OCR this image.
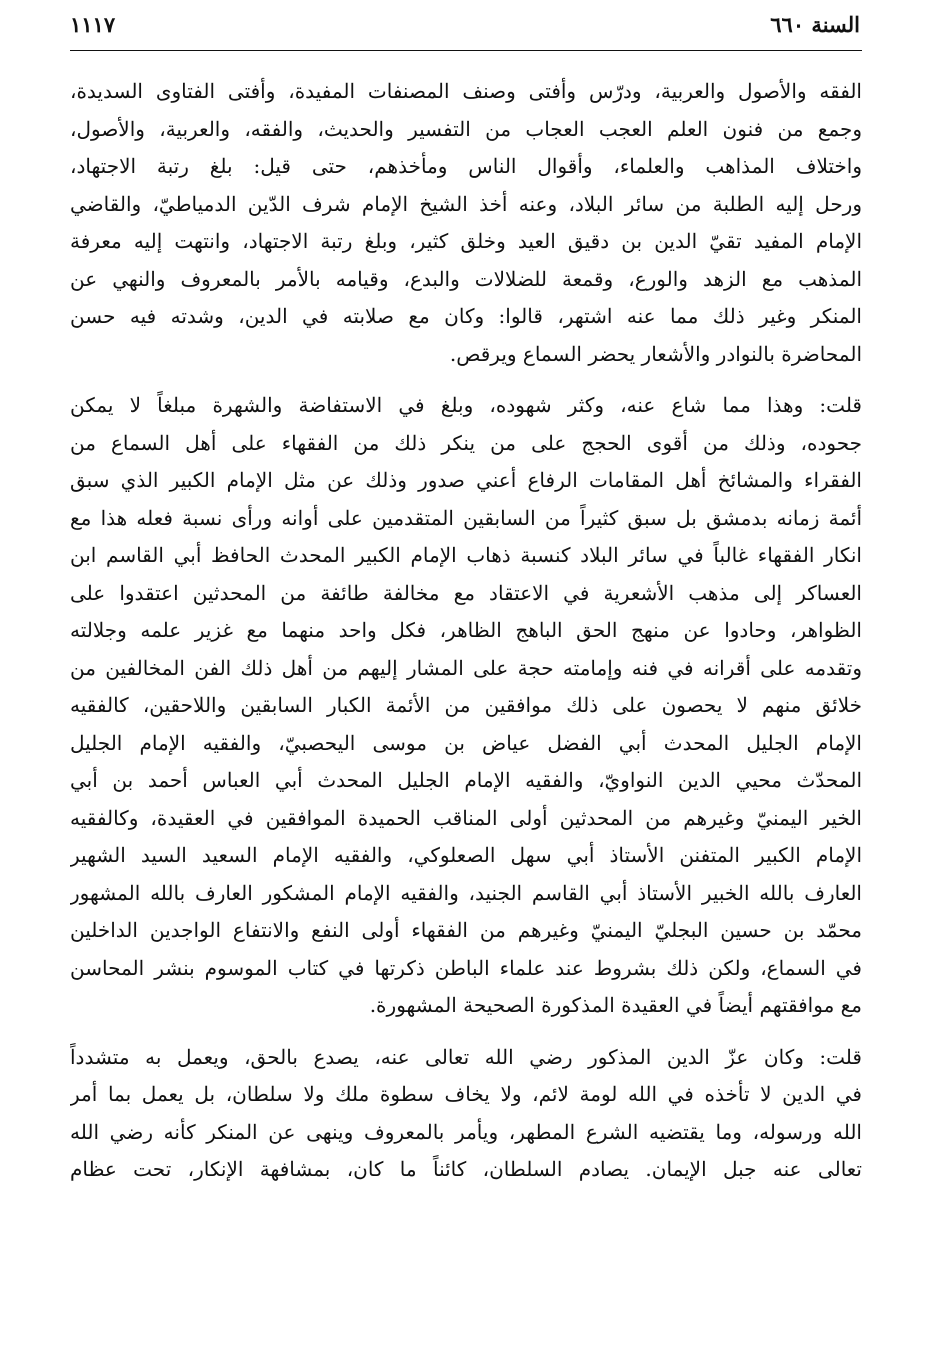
السنة ٦٦٠
١١١٧
الفقه والأصول والعربية، ودرّس وأفتى وصنف المصنفات المفيدة، وأفتى الفتاوى السديدة،
وجمع من فنون العلم العجب العجاب من التفسير والحديث، والفقه، والعربية، والأصول،
واختلاف المذاهب والعلماء، وأقوال الناس ومأخذهم، حتى قيل: بلغ رتبة الاجتهاد،
ورحل إليه الطلبة من سائر البلاد، وعنه أخذ الشيخ الإمام شرف الدّين الدمياطيّ، والقاضي
الإمام المفيد تقيّ الدين بن دقيق العيد وخلق كثير، وبلغ رتبة الاجتهاد، وانتهت إليه معرفة
المذهب مع الزهد والورع، وقمعة للضلالات والبدع، وقيامه بالأمر بالمعروف والنهي عن
المنكر وغير ذلك مما عنه اشتهر، قالوا: وكان مع صلابته في الدين، وشدته فيه حسن
المحاضرة بالنوادر والأشعار يحضر السماع ويرقص.
قلت: وهذا مما شاع عنه، وكثر شهوده، وبلغ في الاستفاضة والشهرة مبلغاً لا يمكن
جحوده، وذلك من أقوى الحجج على من ينكر ذلك من الفقهاء على أهل السماع من
الفقراء والمشائخ أهل المقامات الرفاع أعني صدور وذلك عن مثل الإمام الكبير الذي سبق
أئمة زمانه بدمشق بل سبق كثيراً من السابقين المتقدمين على أوانه ورأى نسبة فعله هذا مع
انكار الفقهاء غالباً في سائر البلاد كنسبة ذهاب الإمام الكبير المحدث الحافظ أبي القاسم ابن
العساكر إلى مذهب الأشعرية في الاعتقاد مع مخالفة طائفة من المحدثين اعتقدوا على
الظواهر، وحادوا عن منهج الحق الباهج الظاهر، فكل واحد منهما مع غزير علمه وجلالته
وتقدمه على أقرانه في فنه وإمامته حجة على المشار إليهم من أهل ذلك الفن المخالفين من
خلائق منهم لا يحصون على ذلك موافقين من الأئمة الكبار السابقين واللاحقين، كالفقيه
الإمام الجليل المحدث أبي الفضل عياض بن موسى اليحصبيّ، والفقيه الإمام الجليل
المحدّث محيي الدين النواويّ، والفقيه الإمام الجليل المحدث أبي العباس أحمد بن أبي
الخير اليمنيّ وغيرهم من المحدثين أولى المناقب الحميدة الموافقين في العقيدة، وكالفقيه
الإمام الكبير المتفنن الأستاذ أبي سهل الصعلوكي، والفقيه الإمام السعيد السيد الشهير
العارف بالله الخبير الأستاذ أبي القاسم الجنيد، والفقيه الإمام المشكور العارف بالله المشهور
محمّد بن حسين البجليّ اليمنيّ وغيرهم من الفقهاء أولى النفع والانتفاع الواجدين الداخلين
في السماع، ولكن ذلك بشروط عند علماء الباطن ذكرتها في كتاب الموسوم بنشر المحاسن
مع موافقتهم أيضاً في العقيدة المذكورة الصحيحة المشهورة.
قلت: وكان عزّ الدين المذكور رضي الله تعالى عنه، يصدع بالحق، ويعمل به متشدداً
في الدين لا تأخذه في الله لومة لائم، ولا يخاف سطوة ملك ولا سلطان، بل يعمل بما أمر
الله ورسوله، وما يقتضيه الشرع المطهر، ويأمر بالمعروف وينهى عن المنكر كأنه رضي الله
تعالى عنه جبل الإيمان. يصادم السلطان، كائناً ما كان، بمشافهة الإنكار، تحت عظام
